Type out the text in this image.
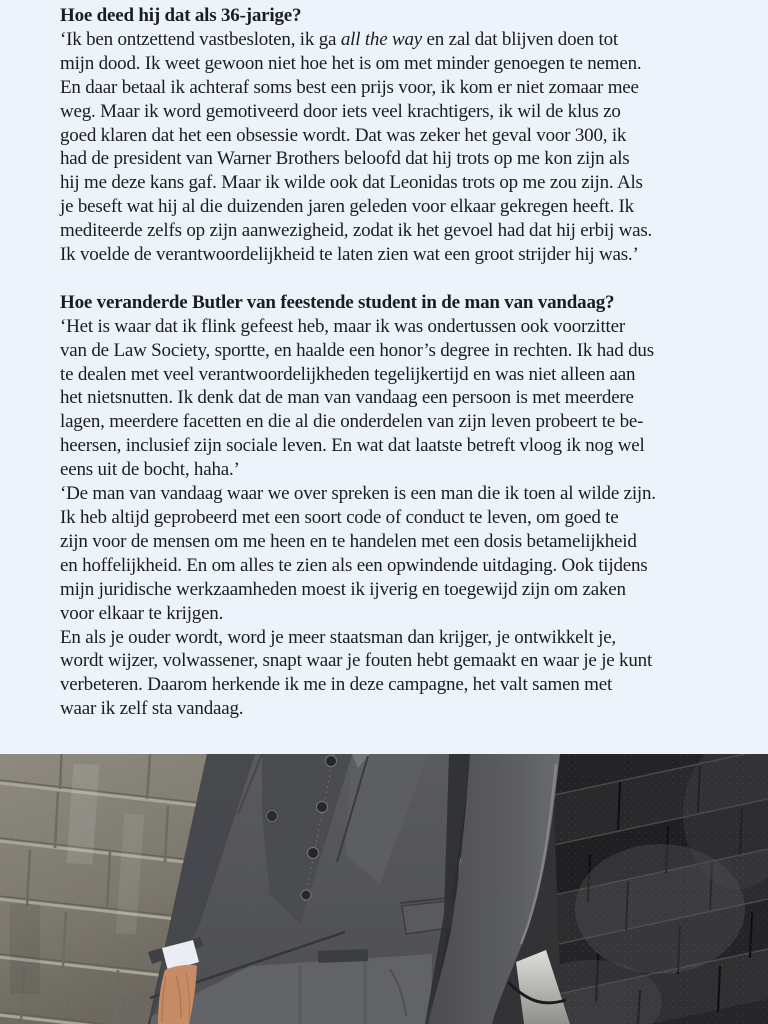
Hoe deed hij dat als 36-jarige?
‘Ik ben ontzettend vastbesloten, ik ga all the way en zal dat blijven doen tot
mijn dood. Ik weet gewoon niet hoe het is om met minder genoegen te nemen.
En daar betaal ik achteraf soms best een prijs voor, ik kom er niet zomaar mee
weg. Maar ik word gemotiveerd door iets veel krachtigers, ik wil de klus zo
goed klaren dat het een obsessie wordt. Dat was zeker het geval voor 300, ik
had de president van Warner Brothers beloofd dat hij trots op me kon zijn als
hij me deze kans gaf. Maar ik wilde ook dat Leonidas trots op me zou zijn. Als
je beseft wat hij al die duizenden jaren geleden voor elkaar gekregen heeft. Ik
mediteerde zelfs op zijn aanwezigheid, zodat ik het gevoel had dat hij erbij was.
Ik voelde de verantwoordelijkheid te laten zien wat een groot strijder hij was.’
Hoe veranderde Butler van feestende student in de man van vandaag?
‘Het is waar dat ik flink gefeest heb, maar ik was ondertussen ook voorzitter
van de Law Society, sportte, en haalde een honor’s degree in rechten. Ik had dus
te dealen met veel verantwoordelijkheden tegelijkertijd en was niet alleen aan
het nietsnutten. Ik denk dat de man van vandaag een persoon is met meerdere
lagen, meerdere facetten en die al die onderdelen van zijn leven probeert te be-
heersen, inclusief zijn sociale leven. En wat dat laatste betreft vloog ik nog wel
eens uit de bocht, haha.’
‘De man van vandaag waar we over spreken is een man die ik toen al wilde zijn.
Ik heb altijd geprobeerd met een soort code of conduct te leven, om goed te
zijn voor de mensen om me heen en te handelen met een dosis betamelijkheid
en hoffelijkheid. En om alles te zien als een opwindende uitdaging. Ook tijdens
mijn juridische werkzaamheden moest ik ijverig en toegewijd zijn om zaken
voor elkaar te krijgen.
En als je ouder wordt, word je meer staatsman dan krijger, je ontwikkelt je,
wordt wijzer, volwassener, snapt waar je fouten hebt gemaakt en waar je je kunt
verbeteren. Daarom herkende ik me in deze campagne, het valt samen met
waar ik zelf sta vandaag.
